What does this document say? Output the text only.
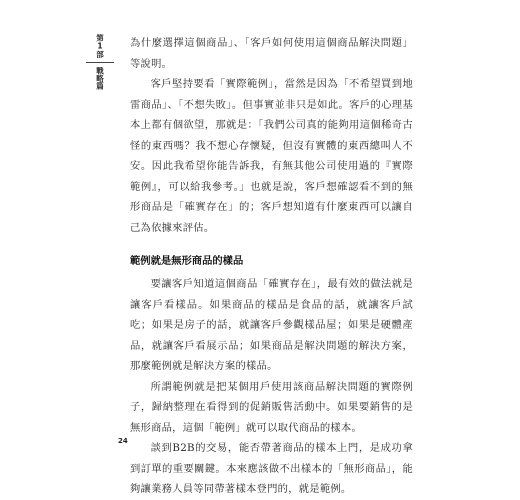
第1部
戰略篇

為什麼選擇這個商品」、「客戶如何使用這個商品解決問題」等說明。

客戶堅持要看「實際範例」，當然是因為「不希望買到地雷商品」、「不想失敗」。但事實並非只是如此。客戶的心理基本上都有個欲望，那就是：「我們公司真的能夠用這個稀奇古怪的東西嗎？我不想心存懷疑，但沒有實體的東西總叫人不安。因此我希望你能告訴我，有無其他公司使用過的『實際範例』，可以給我參考。」也就是說，客戶想確認看不到的無形商品是「確實存在」的；客戶想知道有什麼東西可以讓自己為依據來評估。

範例就是無形商品的樣品

要讓客戶知道這個商品「確實存在」，最有效的做法就是讓客戶看樣品。如果商品的樣品是食品的話，就讓客戶試吃；如果是房子的話，就讓客戶參觀樣品屋；如果是硬體產品，就讓客戶看展示品；如果商品是解決問題的解決方案，那麼範例就是解決方案的樣品。

所謂範例就是把某個用戶使用該商品解決問題的實際例子，歸納整理在看得到的促銷販售活動中。如果要銷售的是無形商品，這個「範例」就可以取代商品的樣本。

談到B2B的交易，能否帶著商品的樣本上門，是成功拿到訂單的重要關鍵。本來應該做不出樣本的「無形商品」，能夠讓業務人員等同帶著樣本登門的，就是範例。

24
